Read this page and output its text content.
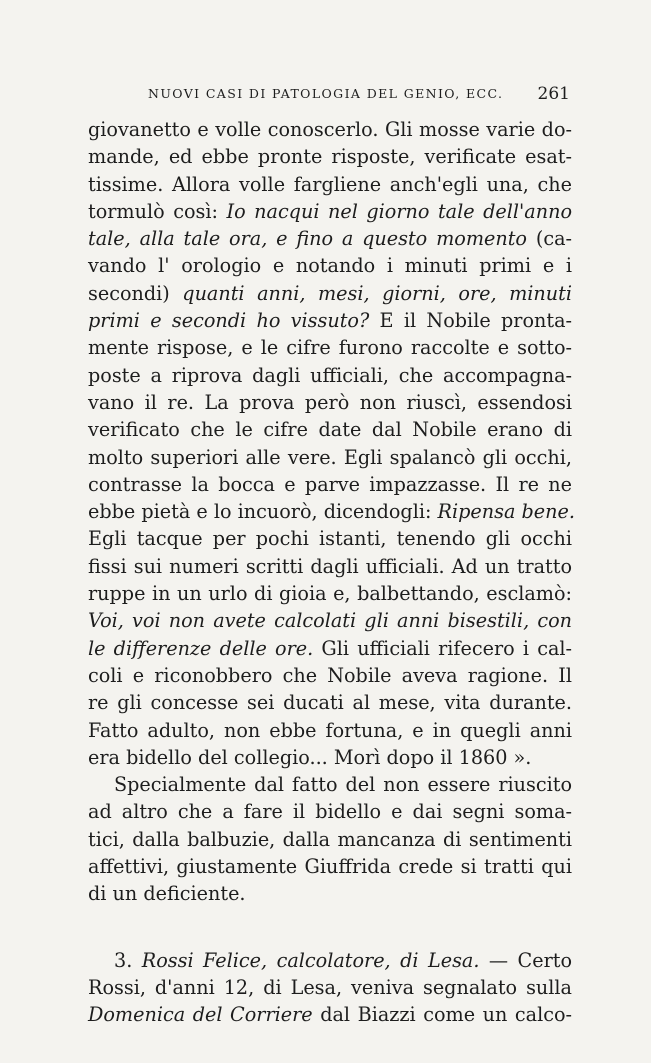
NUOVI CASI DI PATOLOGIA DEL GENIO, ECC. 261
giovanetto e volle conoscerlo. Gli mosse varie do-
mande, ed ebbe pronte risposte, verificate esat-
tissime. Allora volle fargliene anch'egli una, che
tormulò così: Io nacqui nel giorno tale dell'anno
tale, alla tale ora, e fino a questo momento (ca-
vando l' orologio e notando i minuti primi e i
secondi) quanti anni, mesi, giorni, ore, minuti
primi e secondi ho vissuto? E il Nobile pronta-
mente rispose, e le cifre furono raccolte e sotto-
poste a riprova dagli ufficiali, che accompagna-
vano il re. La prova però non riuscì, essendosi
verificato che le cifre date dal Nobile erano di
molto superiori alle vere. Egli spalancò gli occhi,
contrasse la bocca e parve impazzasse. Il re ne
ebbe pietà e lo incuorò, dicendogli: Ripensa bene.
Egli tacque per pochi istanti, tenendo gli occhi
fissi sui numeri scritti dagli ufficiali. Ad un tratto
ruppe in un urlo di gioia e, balbettando, esclamò:
Voi, voi non avete calcolati gli anni bisestili, con
le differenze delle ore. Gli ufficiali rifecero i cal-
coli e riconobbero che Nobile aveva ragione. Il
re gli concesse sei ducati al mese, vita durante.
Fatto adulto, non ebbe fortuna, e in quegli anni
era bidello del collegio... Morì dopo il 1860 ».
Specialmente dal fatto del non essere riuscito
ad altro che a fare il bidello e dai segni soma-
tici, dalla balbuzie, dalla mancanza di sentimenti
affettivi, giustamente Giuffrida crede si tratti qui
di un deficiente.
3. Rossi Felice, calcolatore, di Lesa. — Certo
Rossi, d'anni 12, di Lesa, veniva segnalato sulla
Domenica del Corriere dal Biazzi come un calco-
